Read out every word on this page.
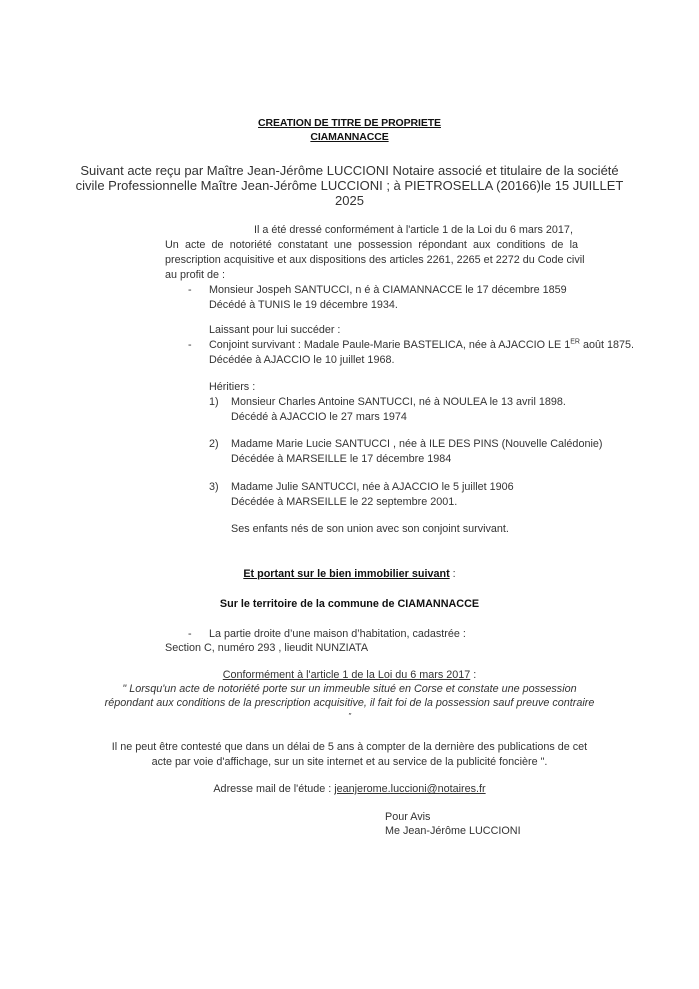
CREATION DE TITRE DE PROPRIETE
CIAMANNACCE
Suivant acte reçu par Maître Jean-Jérôme LUCCIONI Notaire associé et titulaire de la société
civile Professionnelle Maître Jean-Jérôme LUCCIONI ; à PIETROSELLA (20166)le 15 JUILLET
2025
Il a été dressé conformément à l'article 1 de la Loi du 6 mars 2017,
Un acte de notoriété constatant une possession répondant aux conditions de la
prescription acquisitive et aux dispositions des articles 2261, 2265 et 2272 du Code civil
au profit de :
- Monsieur Jospeh SANTUCCI, n é à CIAMANNACCE le 17 décembre 1859
Décédé à TUNIS le 19 décembre 1934.
Laissant pour lui succéder :
- Conjoint survivant : Madale Paule-Marie BASTELICA, née à AJACCIO LE 1ER août 1875.
Décédée à AJACCIO le 10 juillet 1968.
Héritiers :
1) Monsieur Charles Antoine SANTUCCI, né à NOULEA le 13 avril 1898.
Décédé à AJACCIO le 27 mars 1974
2) Madame Marie Lucie SANTUCCI , née à ILE DES PINS (Nouvelle Calédonie)
Décédée à MARSEILLE le 17 décembre 1984
3) Madame Julie SANTUCCI, née à AJACCIO le 5 juillet 1906
Décédée à MARSEILLE le 22 septembre 2001.
Ses enfants nés de son union avec son conjoint survivant.
Et portant sur le bien immobilier suivant :
Sur le territoire de la commune de CIAMANNACCE
- La partie droite d’une maison d’habitation, cadastrée :
Section C, numéro 293 , lieudit NUNZIATA
Conformément à l'article 1 de la Loi du 6 mars 2017 :
" Lorsqu'un acte de notoriété porte sur un immeuble situé en Corse et constate une possession
répondant aux conditions de la prescription acquisitive, il fait foi de la possession sauf preuve contraire
"
Il ne peut être contesté que dans un délai de 5 ans à compter de la dernière des publications de cet
acte par voie d'affichage, sur un site internet et au service de la publicité foncière ".
Adresse mail de l'étude : jeanjerome.luccioni@notaires.fr
Pour Avis
Me Jean-Jérôme LUCCIONI
